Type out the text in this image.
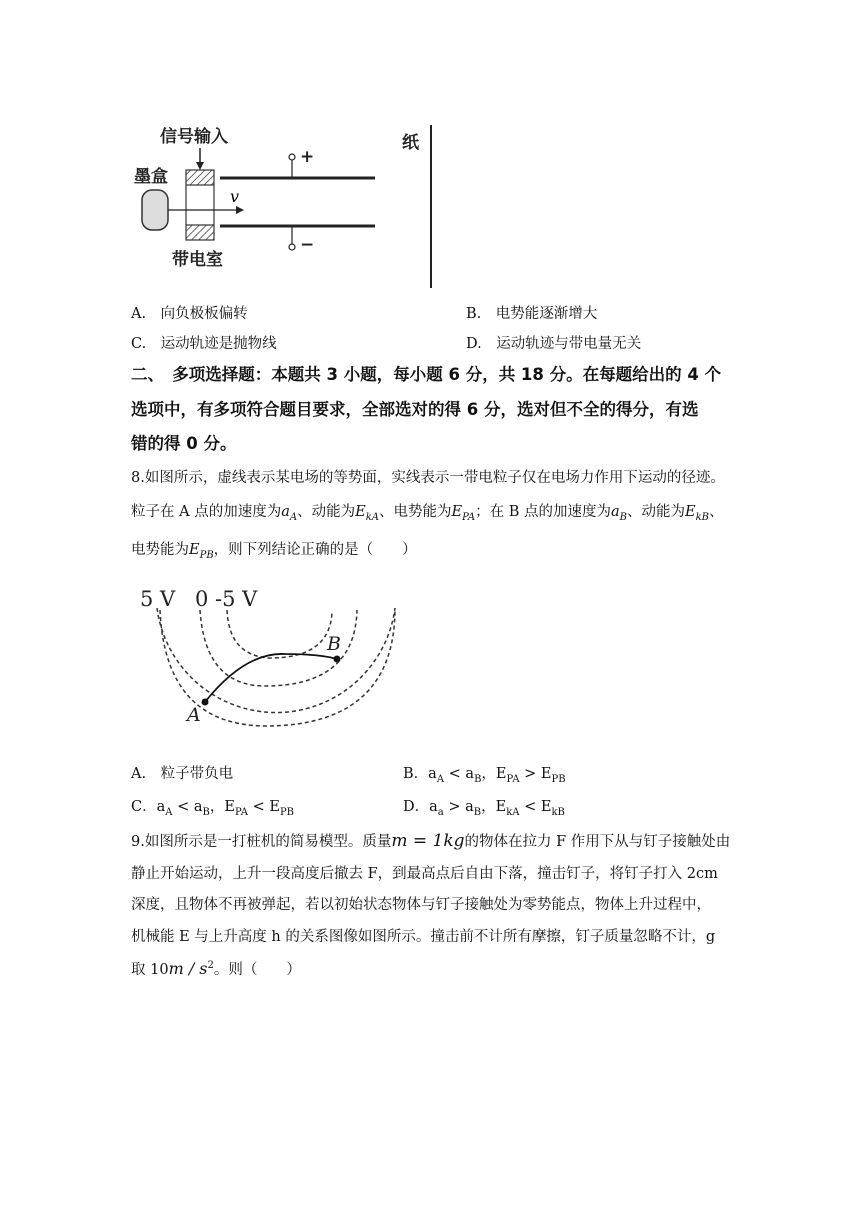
信号输入
墨盒
v
带电室
+
−
纸
A.　向负极板偏转	B.　电势能逐渐增大
C.　运动轨迹是抛物线	D.　运动轨迹与带电量无关
二、　多项选择题：本题共 3 小题，每小题 6 分，共 18 分。在每题给出的 4 个
选项中，有多项符合题目要求，全部选对的得 6 分，选对但不全的得分，有选
错的得 0 分。
8.如图所示，虚线表示某电场的等势面，实线表示一带电粒子仅在电场力作用下运动的径迹。
粒子在 A 点的加速度为$a_A$、动能为$E_{kA}$、电势能为$E_{PA}$；在 B 点的加速度为$a_B$、动能为$E_{kB}$、
电势能为$E_{PB}$，则下列结论正确的是（　　）
5 V 0 -5 V
A
B
A.　粒子带负电	B．$a_A < a_B$，$E_{PA} > E_{PB}$
C．$a_A < a_B$，$E_{PA} < E_{PB}$	D．$a_a > a_B$，$E_{kA} < E_{kB}$
9.如图所示是一打桩机的简易模型。质量m = 1kg的物体在拉力 F 作用下从与钉子接触处由
静止开始运动，上升一段高度后撤去 F，到最高点后自由下落，撞击钉子，将钉子打入 2cm
深度，且物体不再被弹起，若以初始状态物体与钉子接触处为零势能点，物体上升过程中，
机械能 E 与上升高度 h 的关系图像如图所示。撞击前不计所有摩擦，钉子质量忽略不计，g
取 $10m / s^2$。则（　　）
